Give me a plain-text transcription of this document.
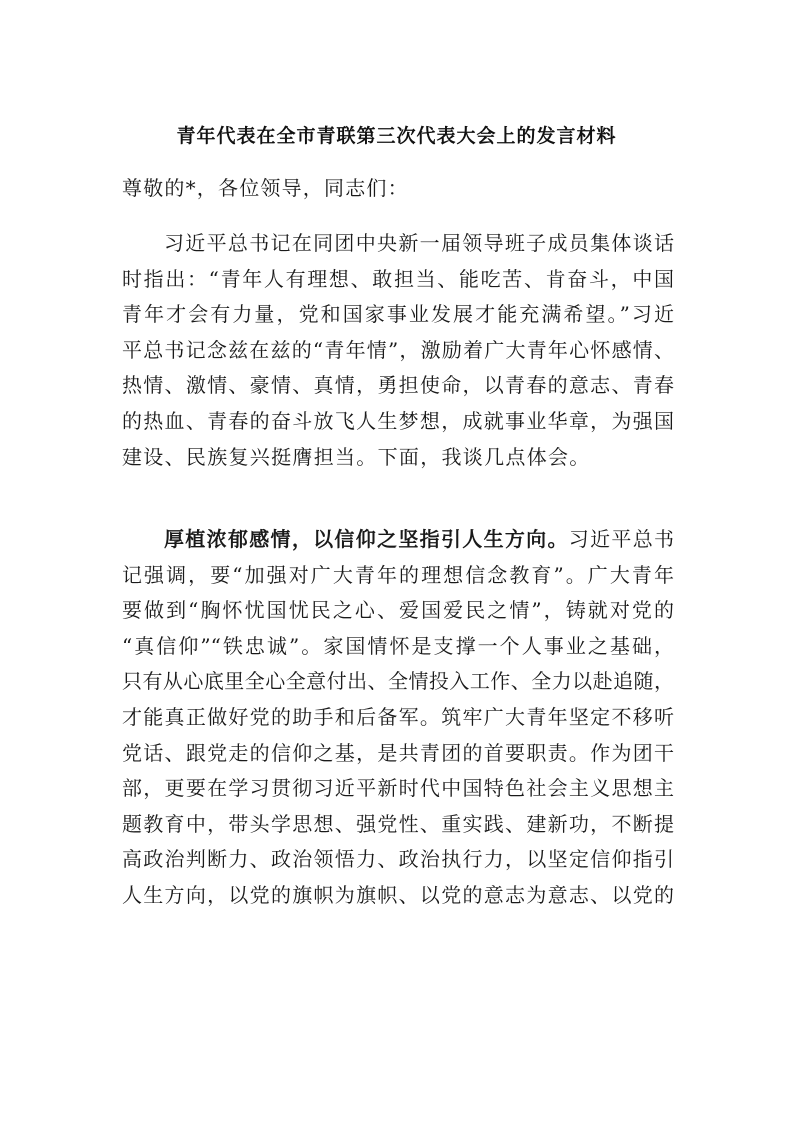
青年代表在全市青联第三次代表大会上的发言材料
尊敬的*，各位领导，同志们：
习近平总书记在同团中央新一届领导班子成员集体谈话
时指出：“青年人有理想、敢担当、能吃苦、肯奋斗，中国
青年才会有力量，党和国家事业发展才能充满希望。”习近
平总书记念兹在兹的“青年情”，激励着广大青年心怀感情、
热情、激情、豪情、真情，勇担使命，以青春的意志、青春
的热血、青春的奋斗放飞人生梦想，成就事业华章，为强国
建设、民族复兴挺膺担当。下面，我谈几点体会。
厚植浓郁感情，以信仰之坚指引人生方向。习近平总书
记强调，要“加强对广大青年的理想信念教育”。广大青年
要做到“胸怀忧国忧民之心、爱国爱民之情”，铸就对党的
“真信仰”“铁忠诚”。家国情怀是支撑一个人事业之基础，
只有从心底里全心全意付出、全情投入工作、全力以赴追随，
才能真正做好党的助手和后备军。筑牢广大青年坚定不移听
党话、跟党走的信仰之基，是共青团的首要职责。作为团干
部，更要在学习贯彻习近平新时代中国特色社会主义思想主
题教育中，带头学思想、强党性、重实践、建新功，不断提
高政治判断力、政治领悟力、政治执行力，以坚定信仰指引
人生方向，以党的旗帜为旗帜、以党的意志为意志、以党的
